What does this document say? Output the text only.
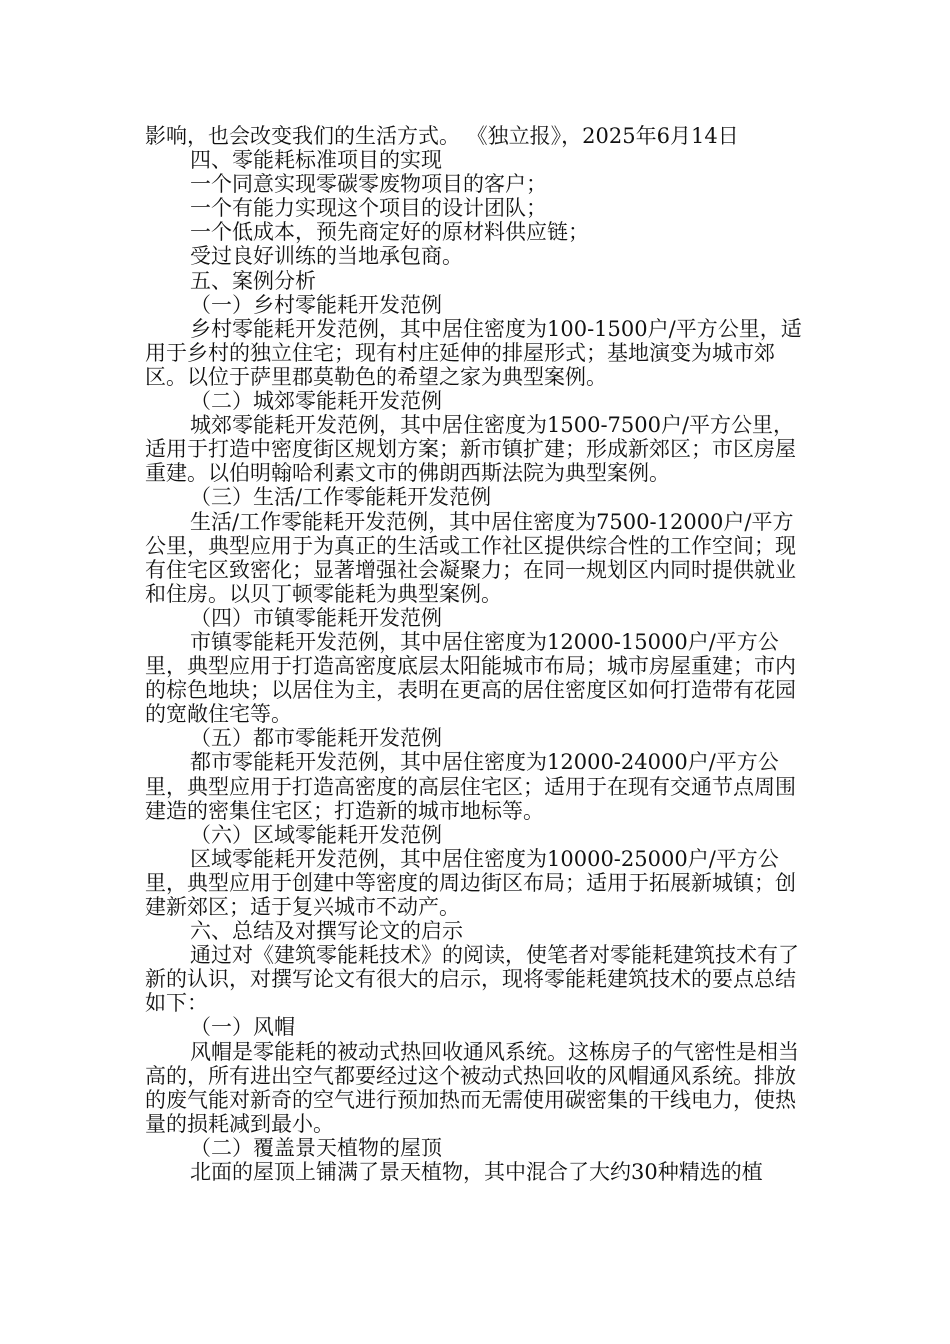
影响，也会改变我们的生活方式。 《独立报》，2025年6月14日

四、零能耗标准项目的实现

一个同意实现零碳零废物项目的客户；

一个有能力实现这个项目的设计团队；

一个低成本，预先商定好的原材料供应链；

受过良好训练的当地承包商。

五、案例分析

（一）乡村零能耗开发范例

乡村零能耗开发范例，其中居住密度为100-1500户/平方公里，适用于乡村的独立住宅；现有村庄延伸的排屋形式；基地演变为城市郊区。以位于萨里郡莫勒色的希望之家为典型案例。

（二）城郊零能耗开发范例

城郊零能耗开发范例，其中居住密度为1500-7500户/平方公里，适用于打造中密度街区规划方案；新市镇扩建；形成新郊区；市区房屋重建。以伯明翰哈利素文市的佛朗西斯法院为典型案例。

（三）生活/工作零能耗开发范例

生活/工作零能耗开发范例，其中居住密度为7500-12000户/平方公里，典型应用于为真正的生活或工作社区提供综合性的工作空间；现有住宅区致密化；显著增强社会凝聚力；在同一规划区内同时提供就业和住房。以贝丁顿零能耗为典型案例。

（四）市镇零能耗开发范例

市镇零能耗开发范例，其中居住密度为12000-15000户/平方公里，典型应用于打造高密度底层太阳能城市布局；城市房屋重建；市内的棕色地块；以居住为主，表明在更高的居住密度区如何打造带有花园的宽敞住宅等。

（五）都市零能耗开发范例

都市零能耗开发范例，其中居住密度为12000-24000户/平方公里，典型应用于打造高密度的高层住宅区；适用于在现有交通节点周围建造的密集住宅区；打造新的城市地标等。

（六）区域零能耗开发范例

区域零能耗开发范例，其中居住密度为10000-25000户/平方公里，典型应用于创建中等密度的周边街区布局；适用于拓展新城镇；创建新郊区；适于复兴城市不动产。

六、总结及对撰写论文的启示

通过对《建筑零能耗技术》的阅读，使笔者对零能耗建筑技术有了新的认识，对撰写论文有很大的启示，现将零能耗建筑技术的要点总结如下：

（一）风帽

风帽是零能耗的被动式热回收通风系统。这栋房子的气密性是相当高的，所有进出空气都要经过这个被动式热回收的风帽通风系统。排放的废气能对新奇的空气进行预加热而无需使用碳密集的干线电力，使热量的损耗减到最小。

（二）覆盖景天植物的屋顶

北面的屋顶上铺满了景天植物，其中混合了大约30种精选的植
